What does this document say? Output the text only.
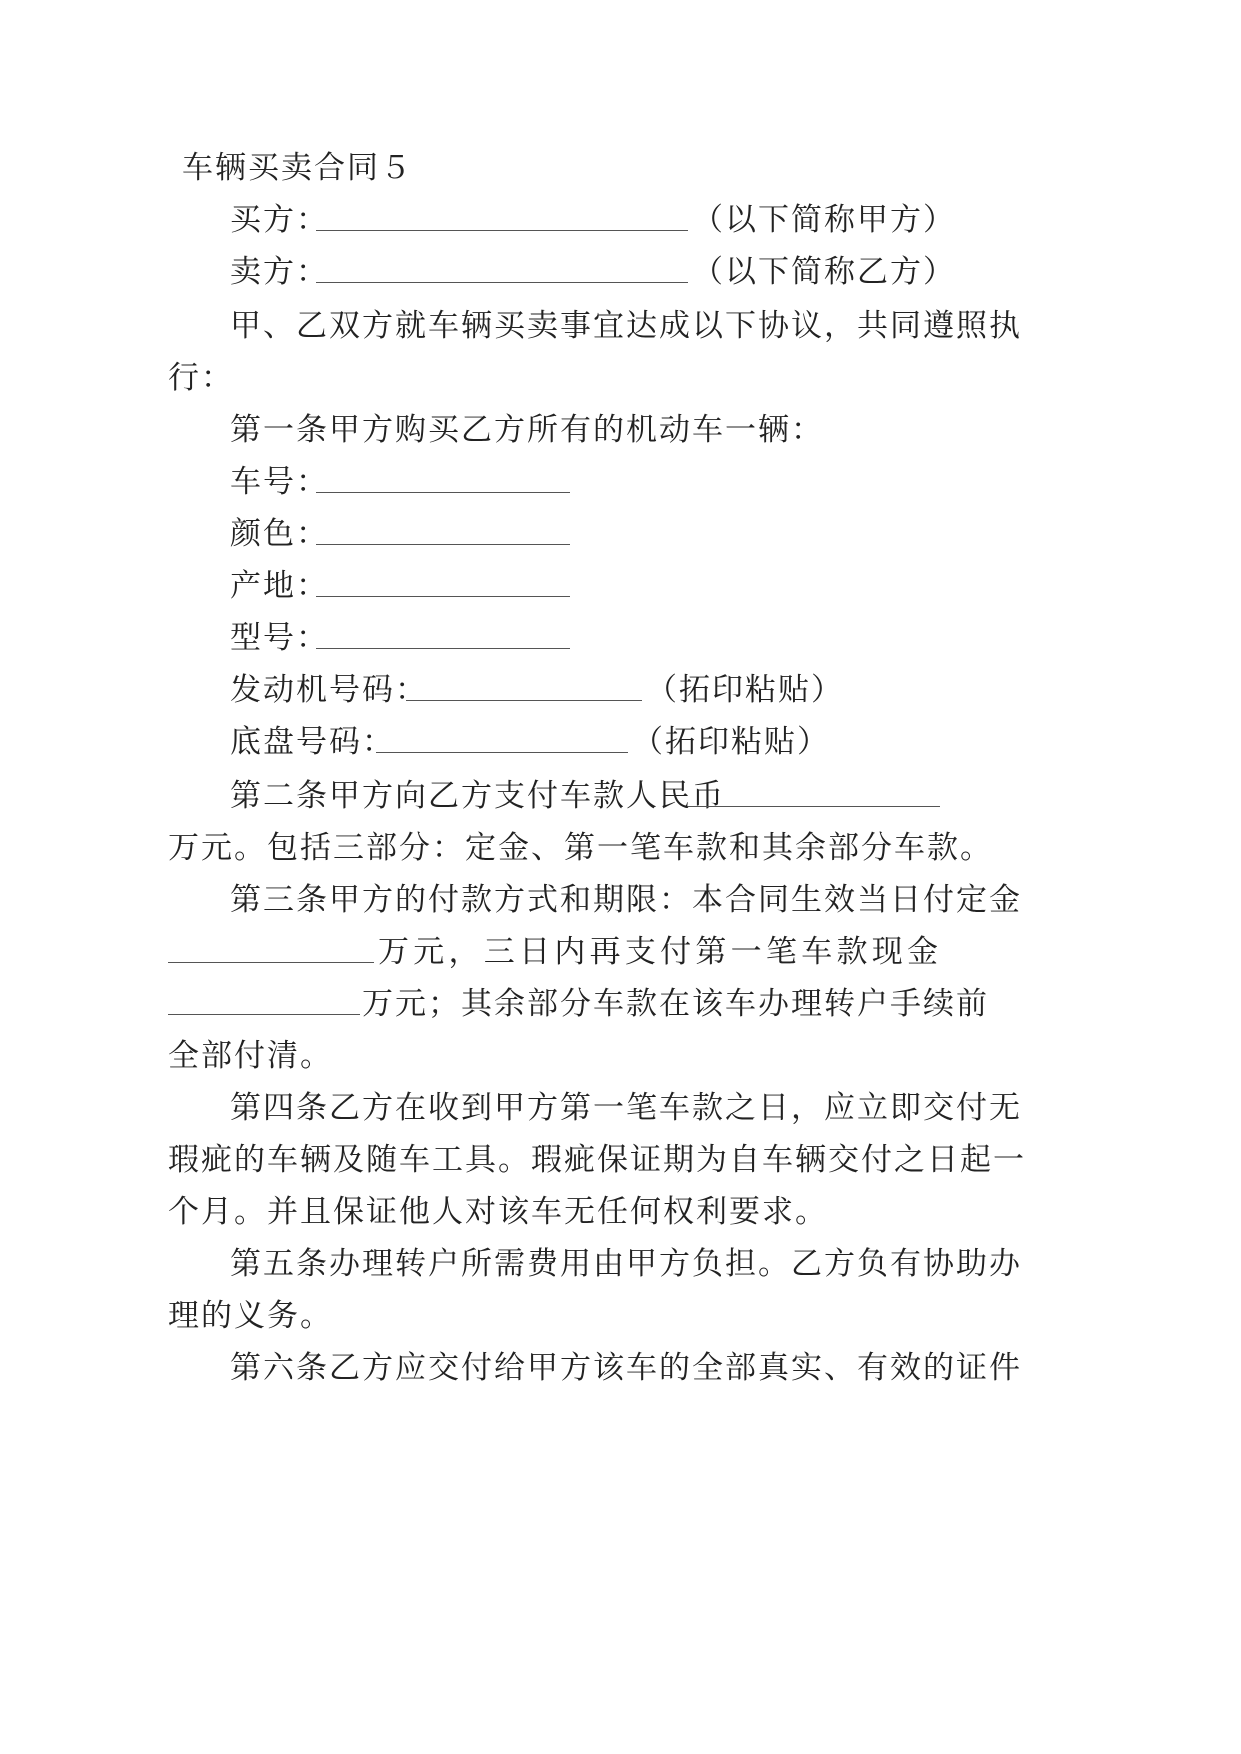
车辆买卖合同５
买方：	（以下简称甲方）
卖方：	（以下简称乙方）
甲、乙双方就车辆买卖事宜达成以下协议，共同遵照执
行：
第一条甲方购买乙方所有的机动车一辆：
车号：
颜色：
产地：
型号：
发动机号码：	（拓印粘贴）
底盘号码：	（拓印粘贴）
第二条甲方向乙方支付车款人民币
万元。包括三部分：定金、第一笔车款和其余部分车款。
第三条甲方的付款方式和期限：本合同生效当日付定金
万 元 ， 三 日 内 再 支 付 第 一 笔 车 款 现 金
万元；其余部分车款在该车办理转户手续前
全部付清。
第四条乙方在收到甲方第一笔车款之日，应立即交付无
瑕疵的车辆及随车工具。瑕疵保证期为自车辆交付之日起一
个月。并且保证他人对该车无任何权利要求。
第五条办理转户所需费用由甲方负担。乙方负有协助办
理的义务。
第六条乙方应交付给甲方该车的全部真实、有效的证件
